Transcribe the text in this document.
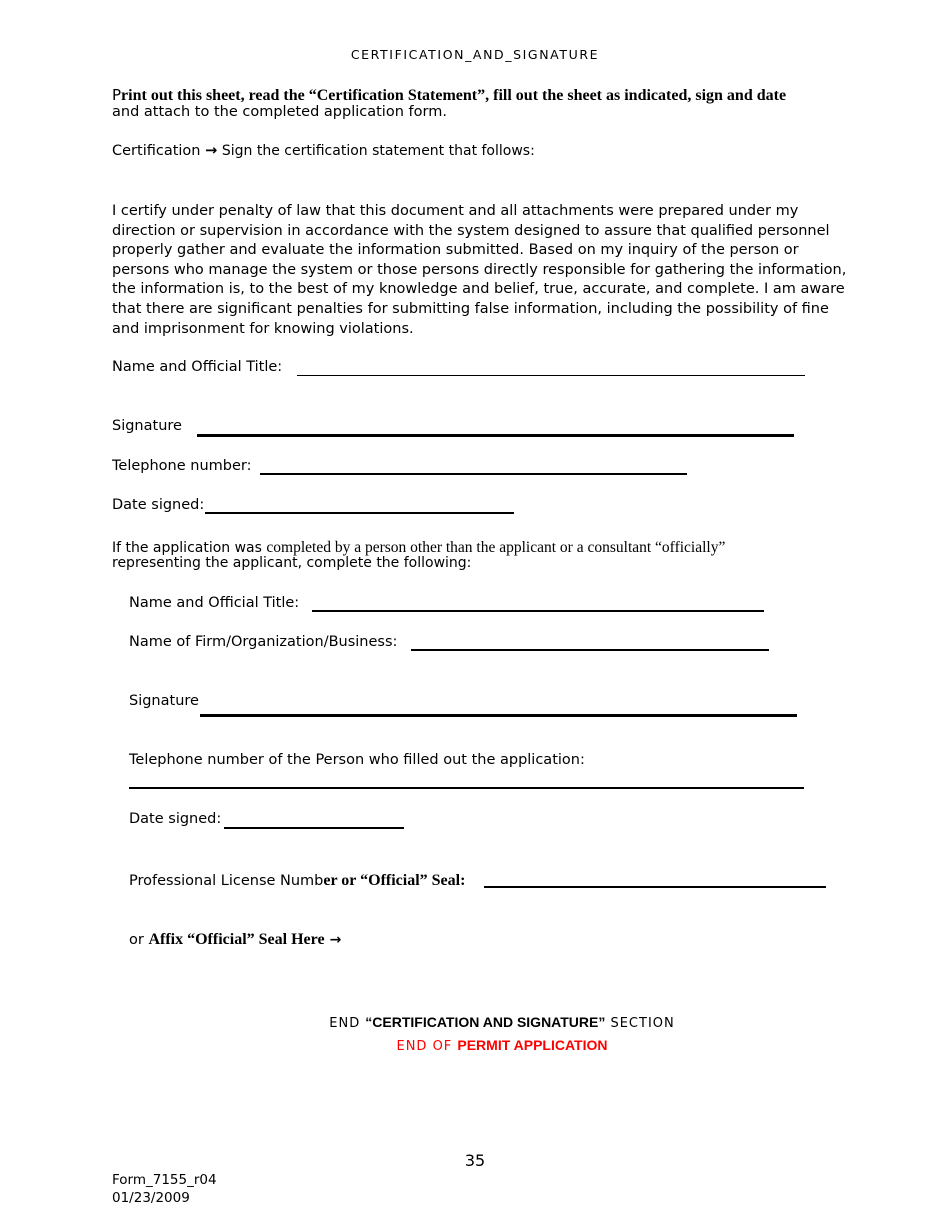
CERTIFICATION_AND_SIGNATURE
Print out this sheet, read the “Certification Statement”, fill out the sheet as indicated, sign and date
and attach to the completed application form.
Certification → Sign the certification statement that follows:
I certify under penalty of law that this document and all attachments were prepared under my direction or supervision in accordance with the system designed to assure that qualified personnel properly gather and evaluate the information submitted. Based on my inquiry of the person or persons who manage the system or those persons directly responsible for gathering the information, the information is, to the best of my knowledge and belief, true, accurate, and complete. I am aware that there are significant penalties for submitting false information, including the possibility of fine and imprisonment for knowing violations.
Name and Official Title:
Signature
Telephone number:
Date signed:
If the application was completed by a person other than the applicant or a consultant “officially”
representing the applicant, complete the following:
Name and Official Title:
Name of Firm/Organization/Business:
Signature
Telephone number of the Person who filled out the application:
Date signed:
Professional License Number or “Official” Seal:
or Affix “Official” Seal Here →
END “CERTIFICATION AND SIGNATURE” SECTION
END OF PERMIT APPLICATION
35
Form_7155_r04
01/23/2009
